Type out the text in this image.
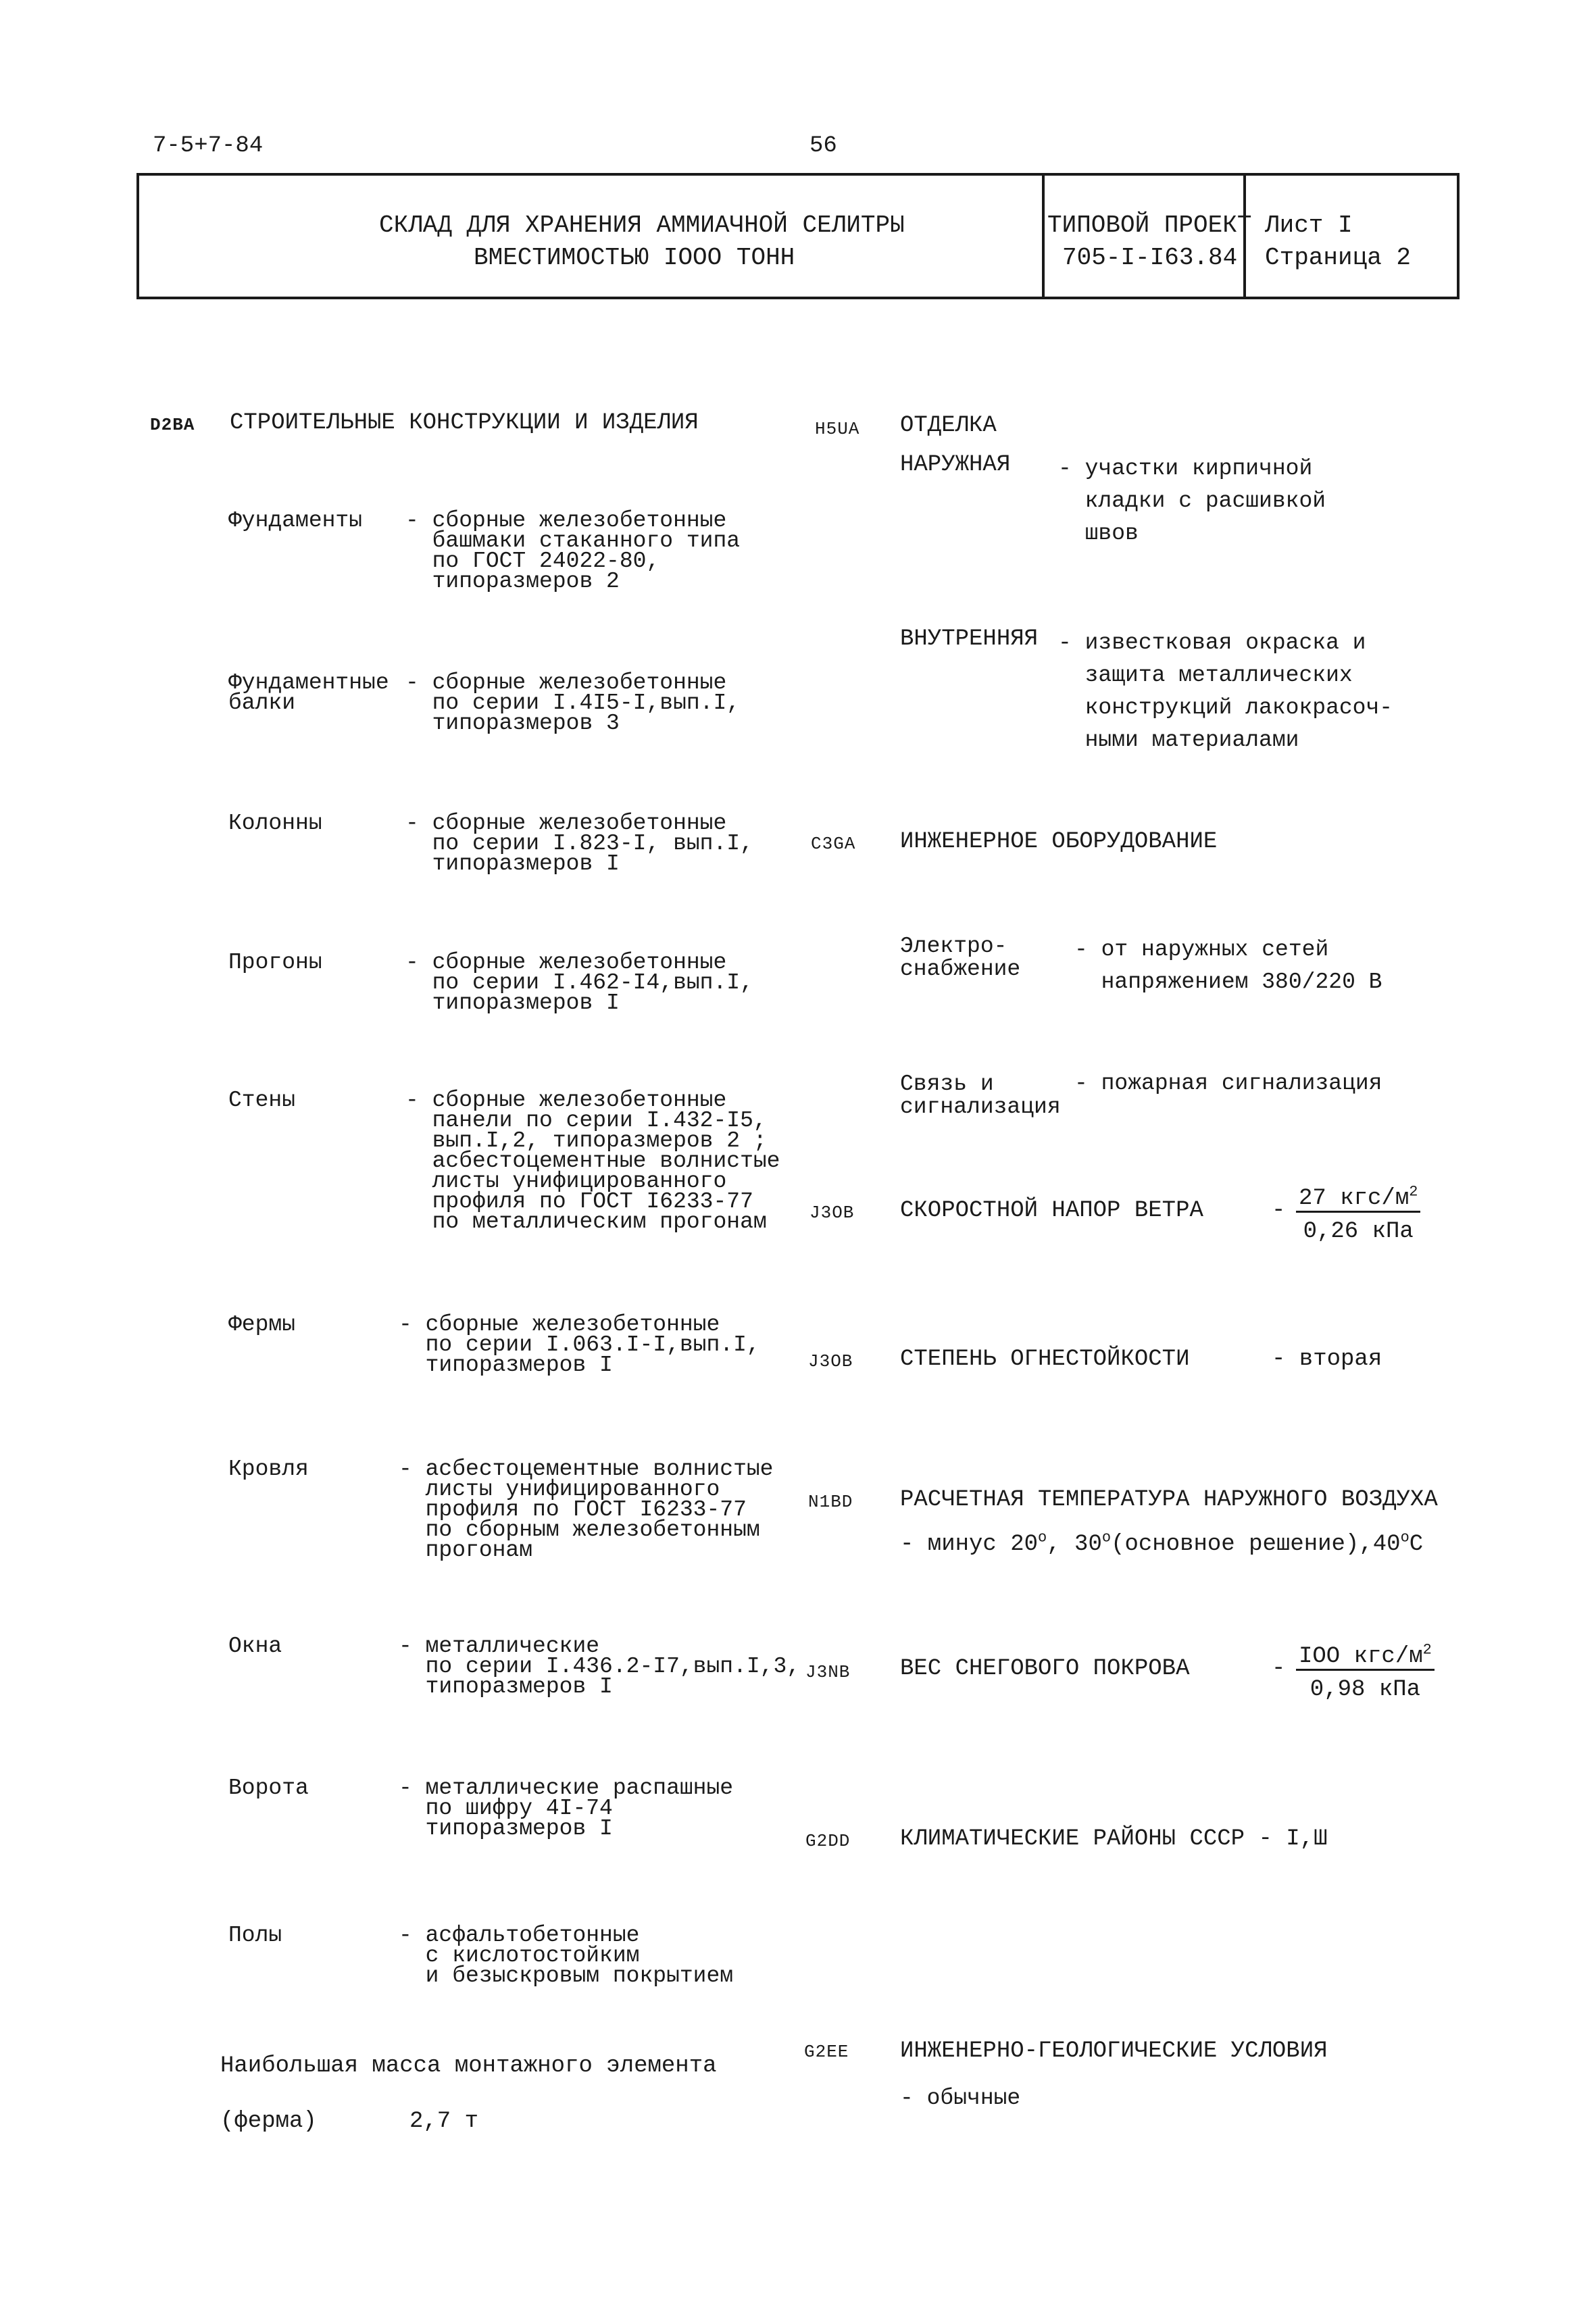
7-5+7-84	56
СКЛАД ДЛЯ ХРАНЕНИЯ АММИАЧНОЙ СЕЛИТРЫ
ВМЕСТИМОСТЬЮ IOOO ТОНН
ТИПОВОЙ ПРОЕКТ
705-I-I63.84
Лист I
Страница 2
D2BA СТРОИТЕЛЬНЫЕ КОНСТРУКЦИИ И ИЗДЕЛИЯ
Фундаменты - сборные железобетонные
башмаки стаканного типа
по ГОСТ 24022-80,
типоразмеров 2
Фундаментные
балки
- сборные железобетонные
по серии I.4I5-I,вып.I,
типоразмеров 3
Колонны	- сборные железобетонные
по серии I.823-I, вып.I,
типоразмеров I
Прогоны	- сборные железобетонные
по серии I.462-I4,вып.I,
типоразмеров I
Стены	- сборные железобетонные
панели по серии I.432-I5,
вып.I,2, типоразмеров 2 ;
асбестоцементные волнистые
листы унифицированного
профиля по ГОСТ I6233-77
по металлическим прогонам
Фермы	- сборные железобетонные
по серии I.063.I-I,вып.I,
типоразмеров I
Кровля	- асбестоцементные волнистые
листы унифицированного
профиля по ГОСТ I6233-77
по сборным железобетонным
прогонам
Окна	- металлические
по серии I.436.2-I7,вып.I,3,
типоразмеров I
Ворота	- металлические распашные
по шифру 4I-74
типоразмеров I
Полы	- асфальтобетонные
с кислотостойким
и безыскровым покрытием
Наибольшая масса монтажного элемента
(ферма)	2,7 т
H5UA ОТДЕЛКА
НАРУЖНАЯ - участки кирпичной
кладки с расшивкой
швов
ВНУТРЕННЯЯ - известковая окраска и
защита металлических
конструкций лакокрасоч-
ными материалами
C3GA ИНЖЕНЕРНОЕ ОБОРУДОВАНИЕ
Электро-
снабжение
- от наружных сетей
напряжением 380/220 В
Связь и
сигнализация
- пожарная сигнализация
J3OB СКОРОСТНОЙ НАПОР ВЕТРА	- $\frac{27 кгс/м^2}{\text{0,26 кПа}}$
J3OB СТЕПЕНЬ ОГНЕСТОЙКОСТИ	- вторая
N1BD РАСЧЕТНАЯ ТЕМПЕРАТУРА НАРУЖНОГО ВОЗДУХА
- минус 20$^o$, 30$^o$(основное решение),40$^o$C
J3NB ВЕС СНЕГОВОГО ПОКРОВА	- $\frac{IOO кгс/м^2}{\text{0,98 кПа}}$
G2DD КЛИМАТИЧЕСКИЕ РАЙОНЫ СССР - I,Ш
G2EE ИНЖЕНЕРНО-ГЕОЛОГИЧЕСКИЕ УСЛОВИЯ
- обычные
